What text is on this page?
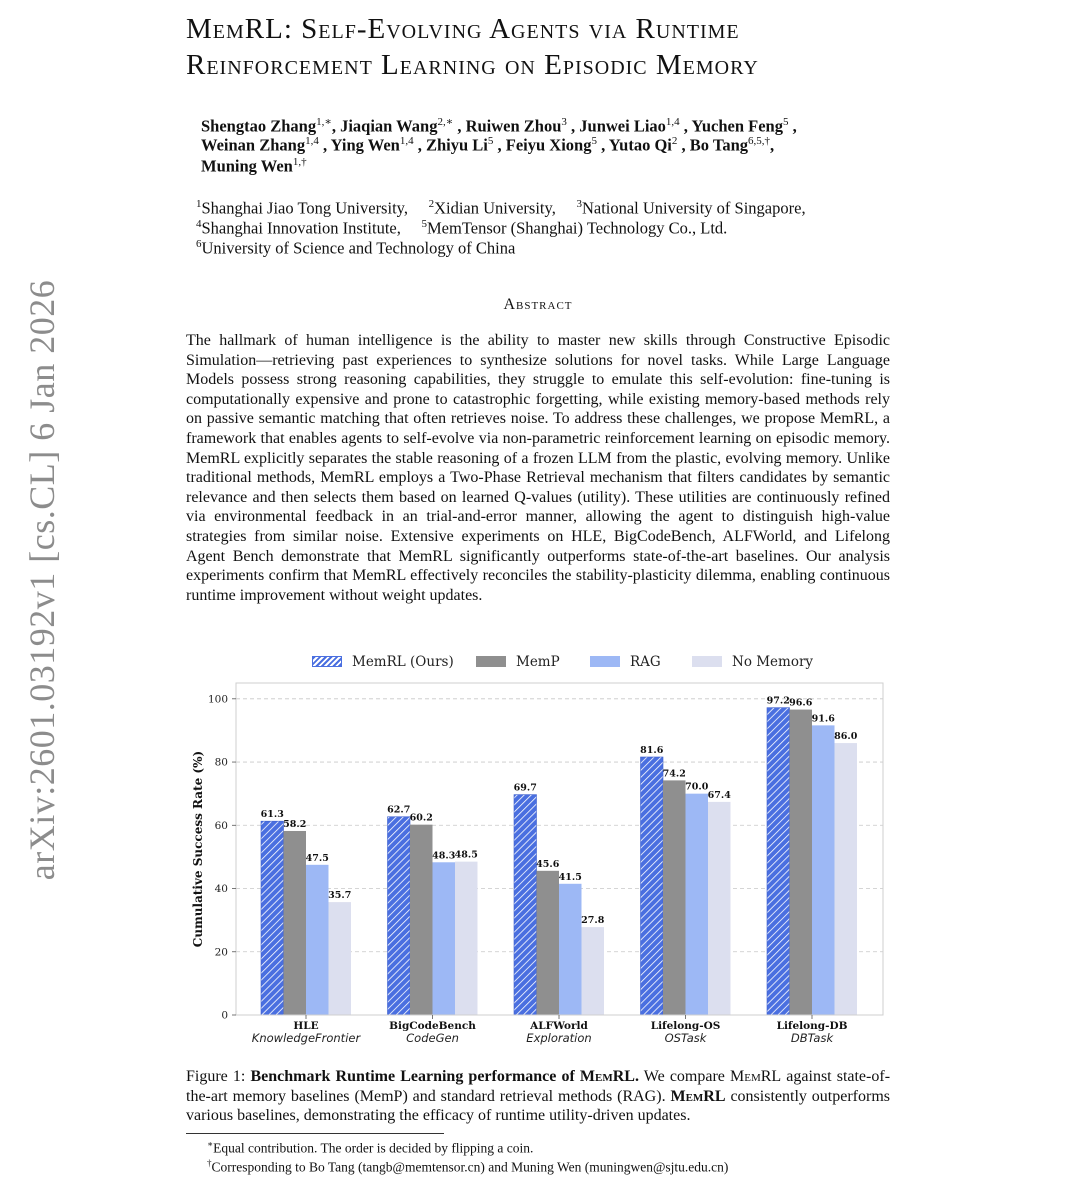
arXiv:2601.03192v1 [cs.CL] 6 Jan 2026
MemRL: Self-Evolving Agents via Runtime
Reinforcement Learning on Episodic Memory
Shengtao Zhang$^{1,∗}$, Jiaqian Wang$^{2,∗}$ , Ruiwen Zhou$^3$ , Junwei Liao$^{1,4}$ , Yuchen Feng$^5$ ,
Weinan Zhang$^{1,4}$ , Ying Wen$^{1,4}$ , Zhiyu Li$^5$ , Feiyu Xiong$^5$ , Yutao Qi$^2$ , Bo Tang$^{6,5,\dagger}$,
Muning Wen$^{1,\dagger}$
$^1$Shanghai Jiao Tong University,     $^2$Xidian University,     $^3$National University of Singapore,
$^4$Shanghai Innovation Institute,     $^5$MemTensor (Shanghai) Technology Co., Ltd.
$^6$University of Science and Technology of China
Abstract
The hallmark of human intelligence is the ability to master new skills through Constructive Episodic Simulation—retrieving past experiences to synthesize solutions for novel tasks. While Large Language Models possess strong reasoning capabilities, they struggle to emulate this self-evolution: fine-tuning is computationally expensive and prone to catastrophic forgetting, while existing memory-based methods rely on passive semantic matching that often retrieves noise. To address these challenges, we propose MemRL, a framework that enables agents to self-evolve via non-parametric reinforcement learning on episodic memory. MemRL explicitly separates the stable reasoning of a frozen LLM from the plastic, evolving memory. Unlike traditional methods, MemRL employs a Two-Phase Retrieval mechanism that filters candidates by semantic relevance and then selects them based on learned Q-values (utility). These utilities are continuously refined via environmental feedback in an trial-and-error manner, allowing the agent to distinguish high-value strategies from similar noise. Extensive experiments on HLE, BigCodeBench, ALFWorld, and Lifelong Agent Bench demonstrate that MemRL significantly outperforms state-of-the-art baselines. Our analysis experiments confirm that MemRL effectively reconciles the stability-plasticity dilemma, enabling continuous runtime improvement without weight updates.
MemRL (Ours)	MemP	RAG	No Memory
61.3
58.2
47.5
35.7
62.7
60.2
48.3 48.5
69.7
45.6
41.5
27.8
81.6
74.2
70.0
67.4
97.2 96.6
91.6
86.0
0
20
40
60
80
100
Cumulative Success Rate (%)
HLE
KnowledgeFrontier
BigCodeBench
CodeGen
ALFWorld
Exploration
Lifelong-OS
OSTask
Lifelong-DB
DBTask
Figure 1: Benchmark Runtime Learning performance of MemRL. We compare MemRL against state-of-the-art memory baselines (MemP) and standard retrieval methods (RAG). MemRL consistently outperforms various baselines, demonstrating the efficacy of runtime utility-driven updates.
∗Equal contribution. The order is decided by flipping a coin.
†Corresponding to Bo Tang (tangb@memtensor.cn) and Muning Wen (muningwen@sjtu.edu.cn)
